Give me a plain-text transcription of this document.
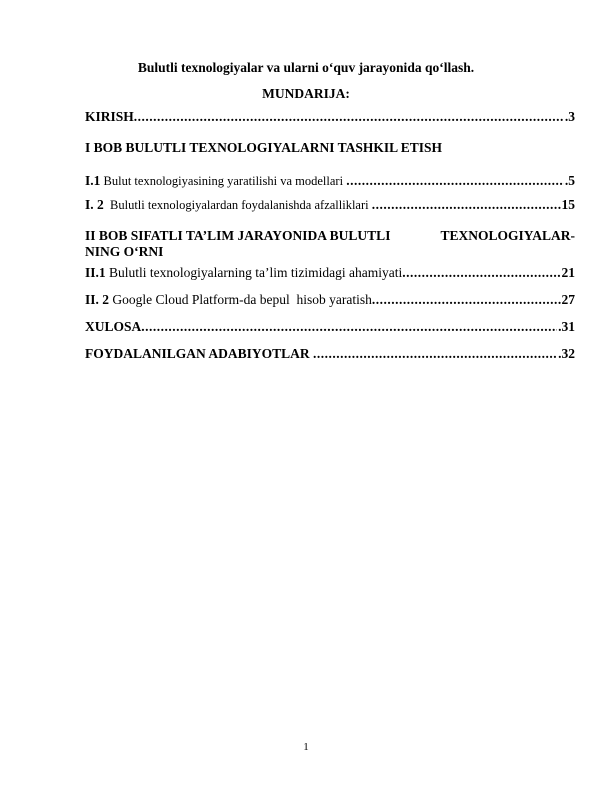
Bulutli texnologiyalar va ularni o‘quv jarayonida qo‘llash.
MUNDARIJA:
KIRISH .....	.3
I BOB BULUTLI TEXNOLOGIYALARNI TASHKIL ETISH
I.1 Bulut texnologiyasining yaratilishi va modellari .....	.5
I. 2 Bulutli texnologiyalardan foydalanishda afzalliklari .....	15
II BOB SIFATLI TA’LIM JARAYONIDA BULUTLI	TEXNOLOGIYALAR-
NING O‘RNI
II.1 Bulutli texnologiyalarning ta’lim tizimidagi ahamiyati .....	21
II. 2 Google Cloud Platform-da bepul  hisob yaratish .....	27
XULOSA .....	.31
FOYDALANILGAN ADABIYOTLAR .....	.32
1
